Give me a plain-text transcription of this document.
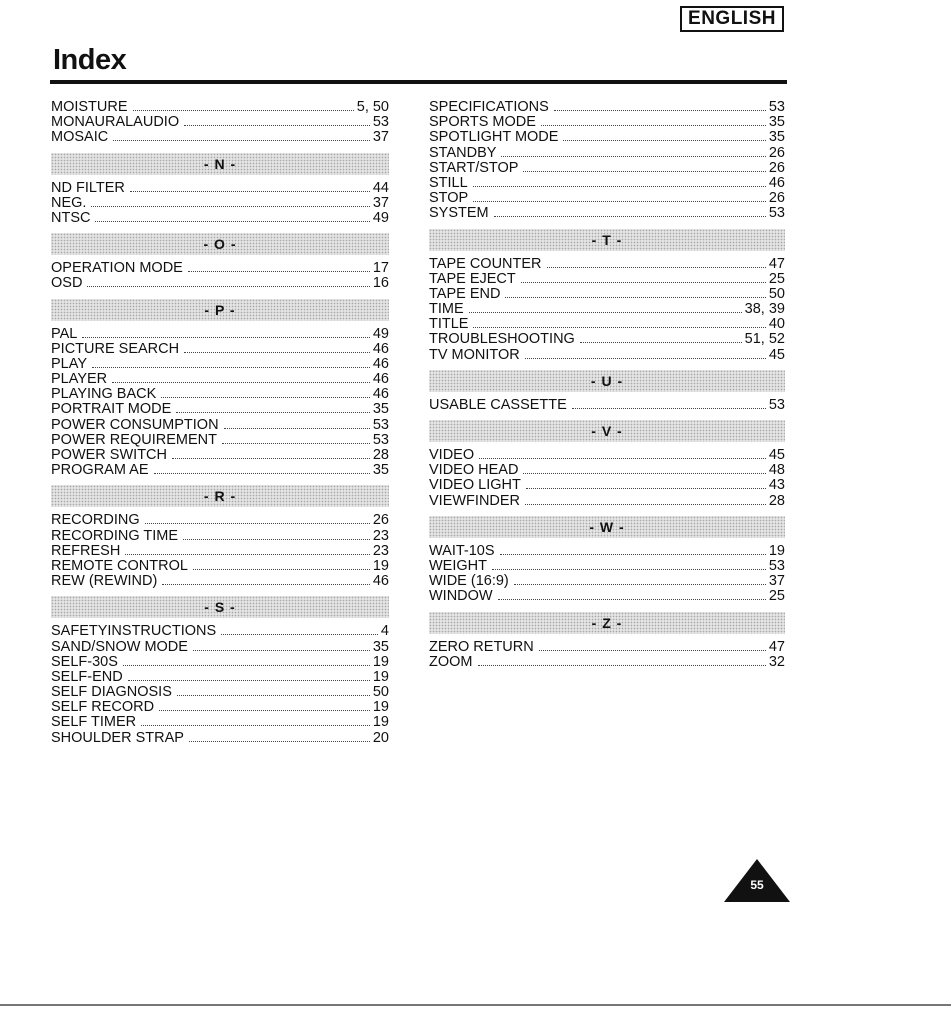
ENGLISH
Index
MOISTURE	5, 50
MONAURALAUDIO	53
MOSAIC	37
- N -
ND FILTER	44
NEG.	37
NTSC	49
- O -
OPERATION MODE	17
OSD	16
- P -
PAL	49
PICTURE SEARCH	46
PLAY	46
PLAYER	46
PLAYING BACK	46
PORTRAIT MODE	35
POWER CONSUMPTION	53
POWER REQUIREMENT	53
POWER SWITCH	28
PROGRAM AE	35
- R -
RECORDING	26
RECORDING TIME	23
REFRESH	23
REMOTE CONTROL	19
REW (REWIND)	46
- S -
SAFETYINSTRUCTIONS	4
SAND/SNOW MODE	35
SELF-30S	19
SELF-END	19
SELF DIAGNOSIS	50
SELF RECORD	19
SELF TIMER	19
SHOULDER STRAP	20
SPECIFICATIONS	53
SPORTS MODE	35
SPOTLIGHT MODE	35
STANDBY	26
START/STOP	26
STILL	46
STOP	26
SYSTEM	53
- T -
TAPE COUNTER	47
TAPE EJECT	25
TAPE END	50
TIME	38, 39
TITLE	40
TROUBLESHOOTING	51, 52
TV MONITOR	45
- U -
USABLE CASSETTE	53
- V -
VIDEO	45
VIDEO HEAD	48
VIDEO LIGHT	43
VIEWFINDER	28
- W -
WAIT-10S	19
WEIGHT	53
WIDE (16:9)	37
WINDOW	25
- Z -
ZERO RETURN	47
ZOOM	32
55
